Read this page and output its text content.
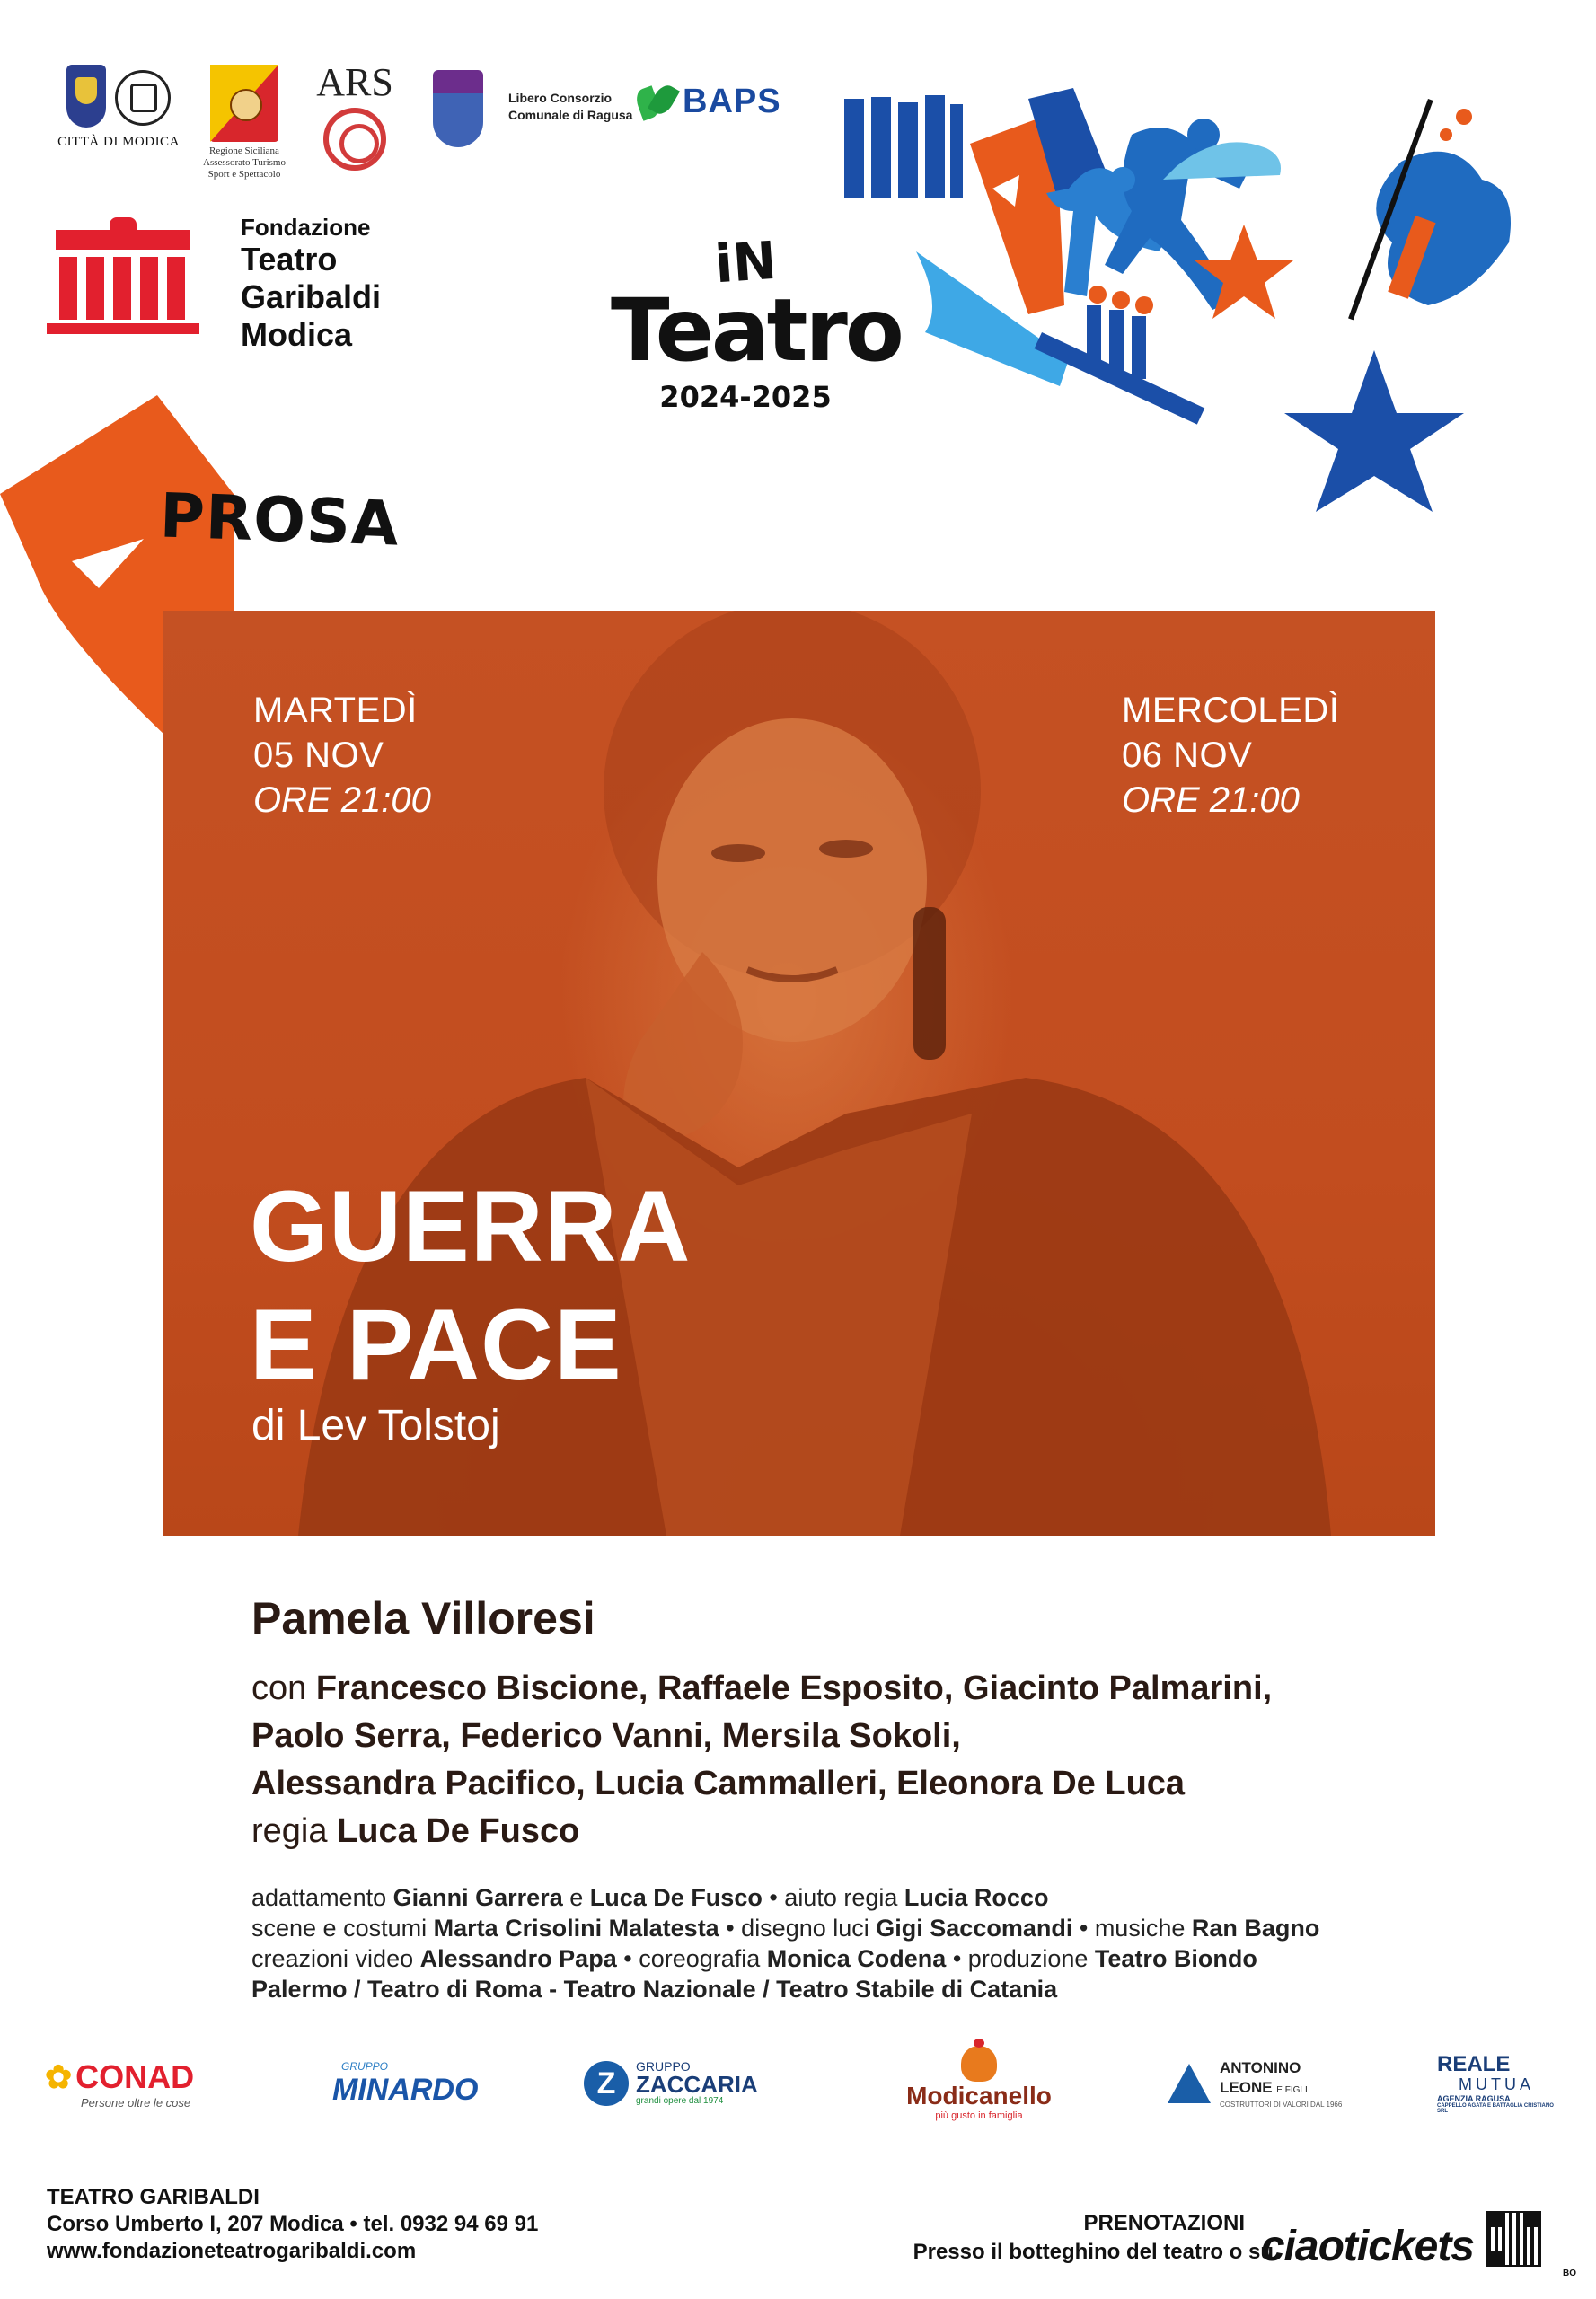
CITTÀ DI MODICA
Regione Siciliana
Assessorato Turismo
Sport e Spettacolo
ARS	Libero Consorzio
Comunale di Ragusa BAPS
Fondazione
Teatro
Garibaldi
Modica
iN
Teatro
2024-2025
PROSA
MARTEDÌ
05 NOV
ORE 21:00
MERCOLEDÌ
06 NOV
ORE 21:00
GUERRA
E PACE
di Lev Tolstoj
Pamela Villoresi
con Francesco Biscione, Raffaele Esposito, Giacinto Palmarini,
Paolo Serra, Federico Vanni, Mersila Sokoli,
Alessandra Pacifico, Lucia Cammalleri, Eleonora De Luca
regia Luca De Fusco
adattamento Gianni Garrera e Luca De Fusco • aiuto regia Lucia Rocco
scene e costumi Marta Crisolini Malatesta • disegno luci Gigi Saccomandi • musiche Ran Bagno
creazioni video Alessandro Papa • coreografia Monica Codena • produzione Teatro Biondo
Palermo / Teatro di Roma - Teatro Nazionale / Teatro Stabile di Catania
✿ CONAD
Persone oltre le cose
GRUPPO
MINARDO	Z	GRUPPO
ZACCARIA
grandi opere dal 1974	Modicanello
più gusto in famiglia
ANTONINO
LEONE E FIGLI
COSTRUTTORI DI VALORI DAL 1966
REALE
MUTUA
AGENZIA RAGUSA
CAPPELLO AGATA E BATTAGLIA CRISTIANO SRL
TEATRO GARIBALDI
Corso Umberto I, 207 Modica • tel. 0932 94 69 91
www.fondazioneteatrogaribaldi.com
PRENOTAZIONI
Presso il botteghino del teatro o su
ciaotickets
BO
